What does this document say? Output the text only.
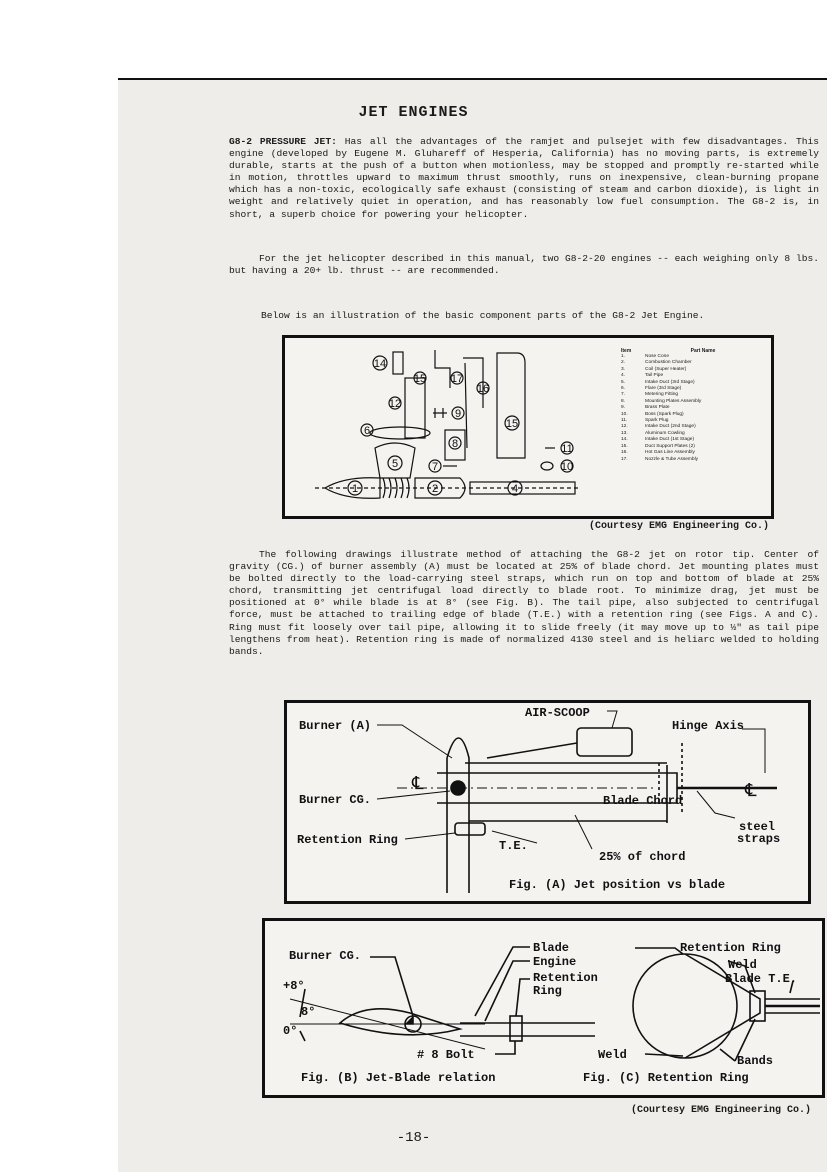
JET ENGINES
G8-2 PRESSURE JET: Has all the advantages of the ramjet and pulsejet with few disadvantages. This engine (developed by Eugene M. Gluhareff of Hesperia, California) has no moving parts, is extremely durable, starts at the push of a button when motionless, may be stopped and promptly re-started while in motion, throttles upward to maximum thrust smoothly, runs on inexpensive, clean-burning propane which has a non-toxic, ecologically safe exhaust (consisting of steam and carbon dioxide), is light in weight and relatively quiet in operation, and has reasonably low fuel consumption. The G8-2 is, in short, a superb choice for powering your helicopter.
For the jet helicopter described in this manual, two G8-2-20 engines -- each weighing only 8 lbs. but having a 20+ lb. thrust -- are recommended.
Below is an illustration of the basic component parts of the G8-2 Jet Engine.
14
15 17
16
15
12
9
6
8
5	7
1	2	4
11
10
Item	Part Name
1.	Nose Cone
2.	Combustion Chamber
3.	Coil (Super Heater)
4.	Tail Pipe
5.	Intake Duct (3rd Stage)
6.	Flare (3rd Stage)
7.	Metering Fitting
8.	Mounting Plates Assembly
9.	Brass Plate
10.	Boss (Spark Plug)
11.	Spark Plug
12.	Intake Duct (2nd Stage)
13.	Aluminum Cowling
14.	Intake Duct (1st Stage)
15.	Duct Support Plates (2)
16.	Hot Gas Line Assembly
17.	Nozzle & Tube Assembly
(Courtesy EMG Engineering Co.)
The following drawings illustrate method of attaching the G8-2 jet on rotor tip. Center of gravity (CG.) of burner assembly (A) must be located at 25% of blade chord. Jet mounting plates must be bolted directly to the load-carrying steel straps, which run on top and bottom of blade at 25% chord, transmitting jet centrifugal load directly to blade root. To minimize drag, jet must be positioned at 0° while blade is at 8° (see Fig. B). The tail pipe, also subjected to centrifugal force, must be attached to trailing edge of blade (T.E.) with a retention ring (see Figs. A and C). Ring must fit loosely over tail pipe, allowing it to slide freely (it may move up to ½" as tail pipe lengthens from heat). Retention ring is made of normalized 4130 steel and is heliarc welded to holding bands.
℄	℄
Burner (A)
AIR-SCOOP
Hinge Axis
Burner CG.	Blade Chord
steel
straps
Retention Ring	T.E.
25% of chord
Fig. (A) Jet position vs blade
Burner CG.
+8°
8°
0°
Blade
Engine
Retention
Ring
# 8 Bolt
Fig. (B) Jet-Blade relation
Retention Ring
Weld
Blade T.E.
Weld	Bands
Fig. (C) Retention Ring
(Courtesy EMG Engineering Co.)
-18-
